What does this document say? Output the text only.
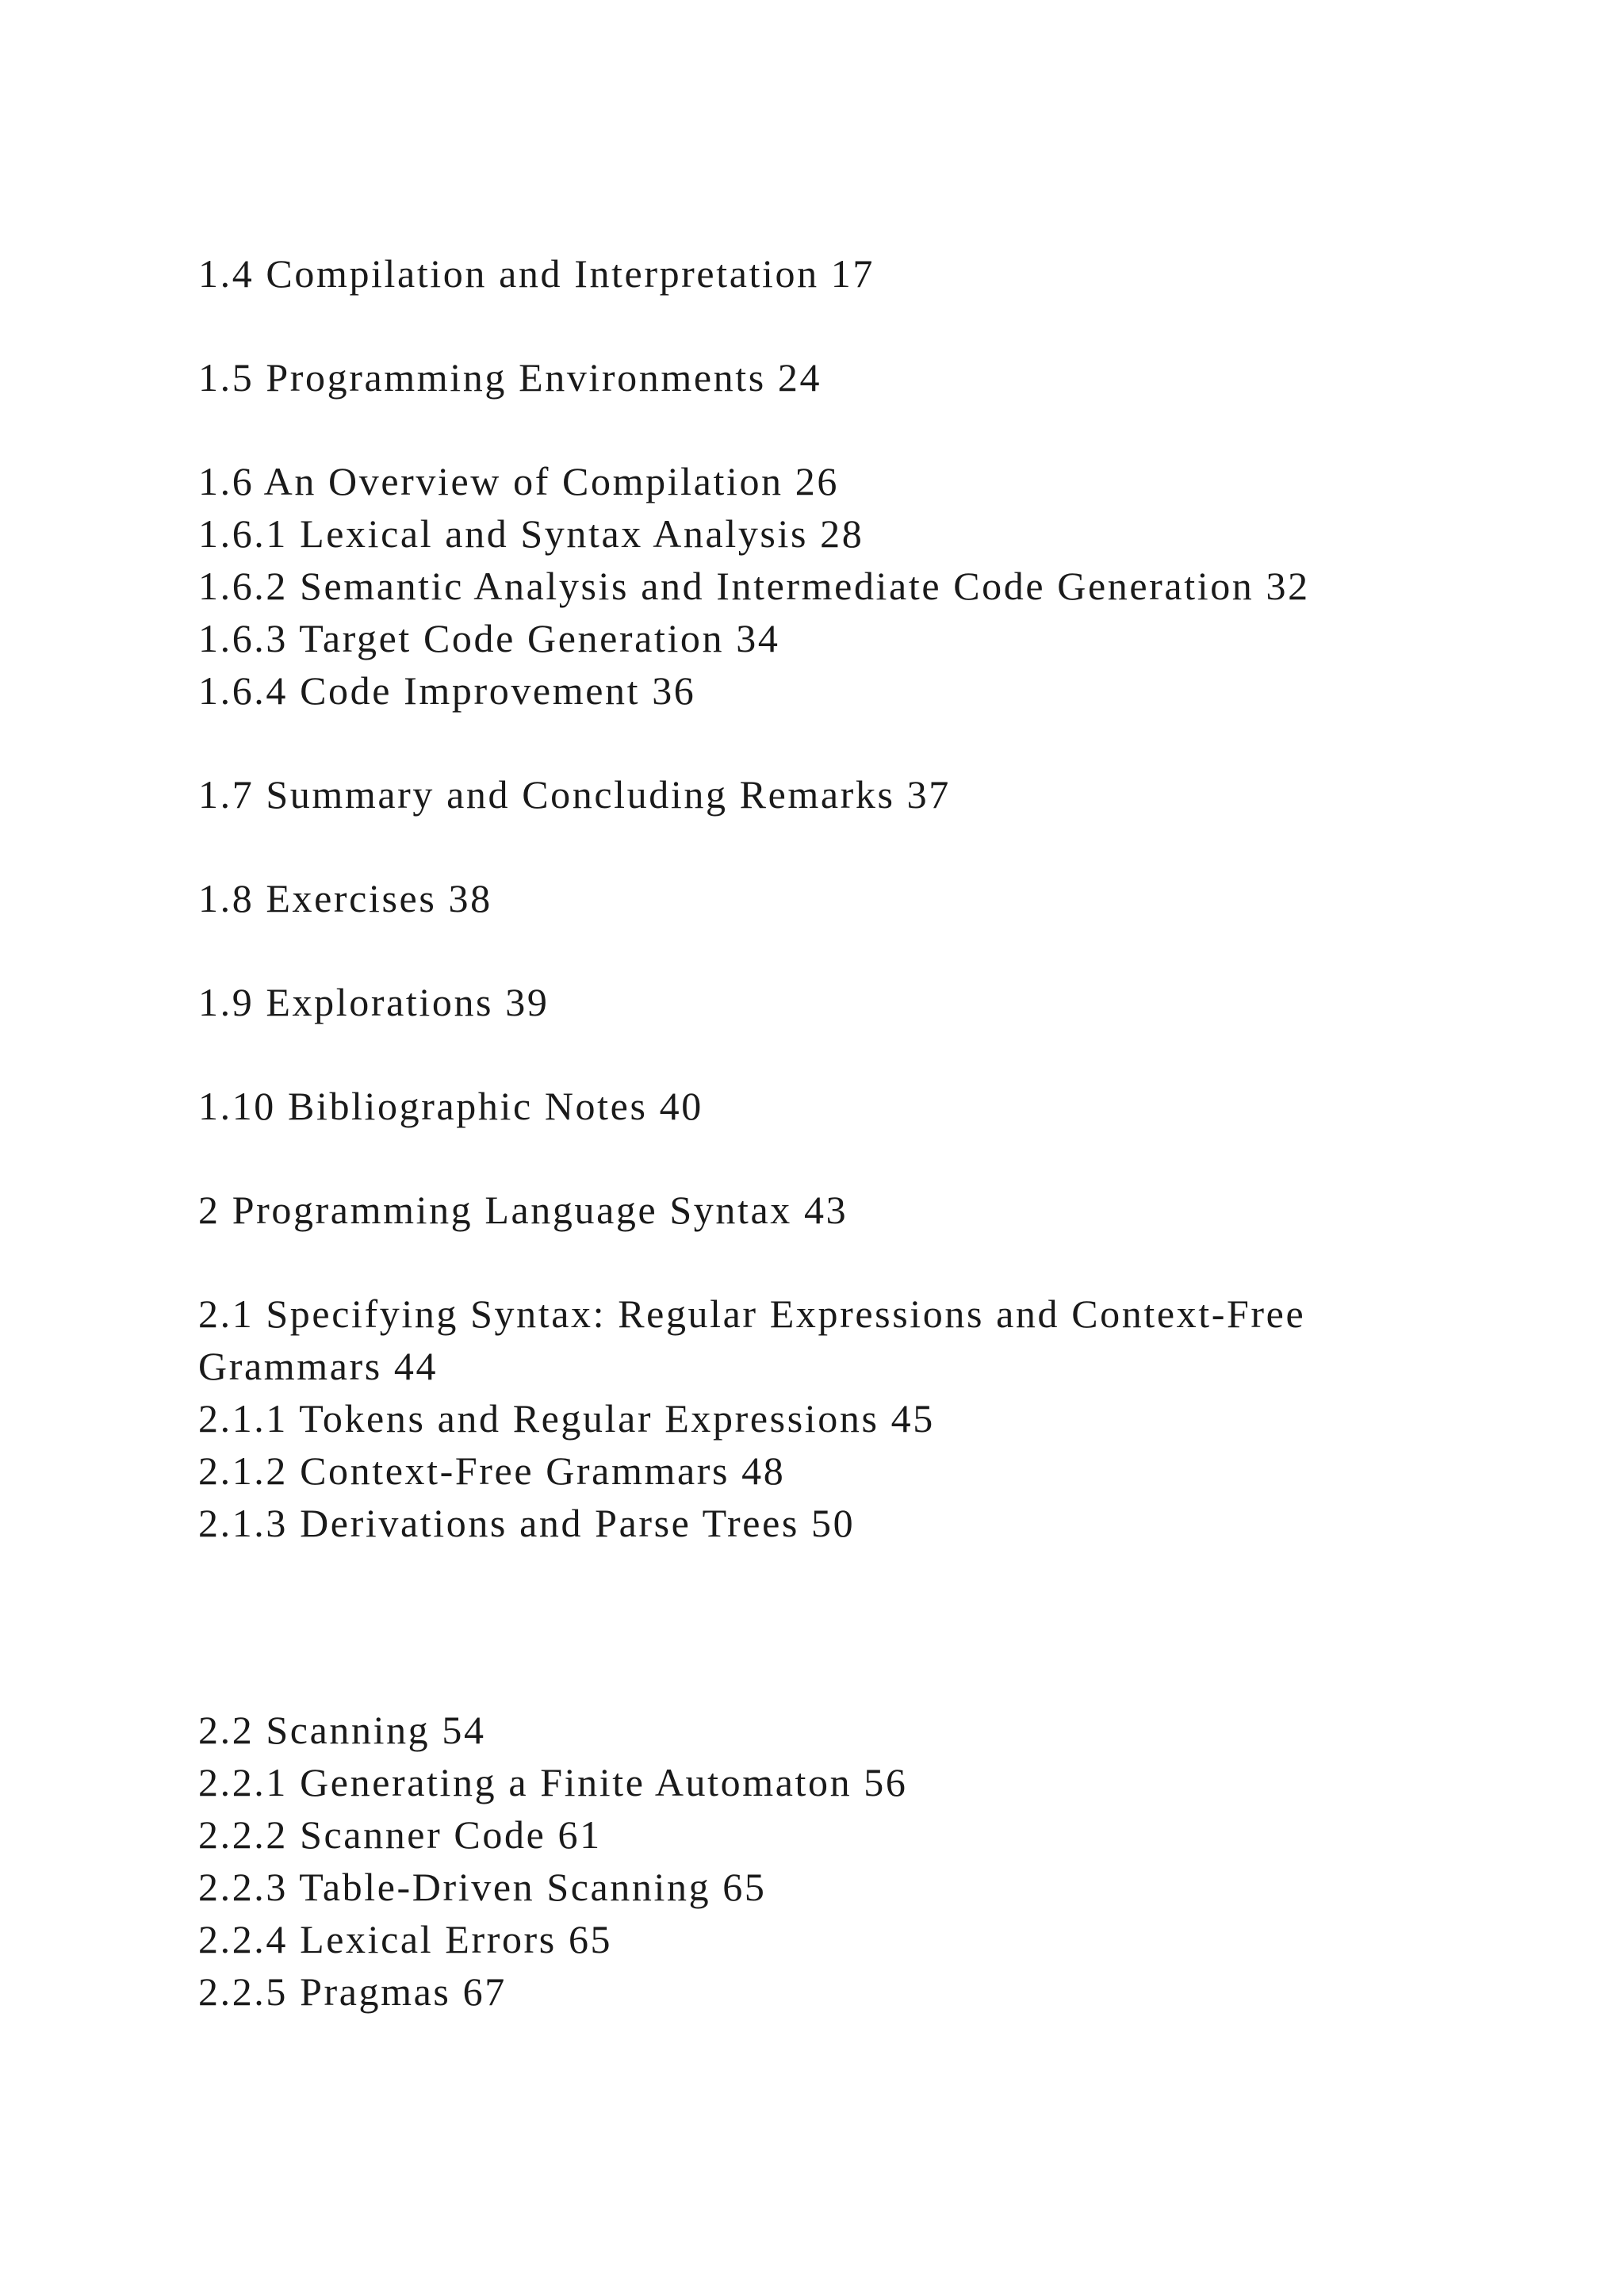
1.4 Compilation and Interpretation 17
1.5 Programming Environments 24
1.6 An Overview of Compilation 26
1.6.1 Lexical and Syntax Analysis 28
1.6.2 Semantic Analysis and Intermediate Code Generation 32
1.6.3 Target Code Generation 34
1.6.4 Code Improvement 36
1.7 Summary and Concluding Remarks 37
1.8 Exercises 38
1.9 Explorations 39
1.10 Bibliographic Notes 40
2 Programming Language Syntax 43
2.1 Specifying Syntax: Regular Expressions and Context-Free
Grammars 44
2.1.1 Tokens and Regular Expressions 45
2.1.2 Context-Free Grammars 48
2.1.3 Derivations and Parse Trees 50
2.2 Scanning 54
2.2.1 Generating a Finite Automaton 56
2.2.2 Scanner Code 61
2.2.3 Table-Driven Scanning 65
2.2.4 Lexical Errors 65
2.2.5 Pragmas 67
